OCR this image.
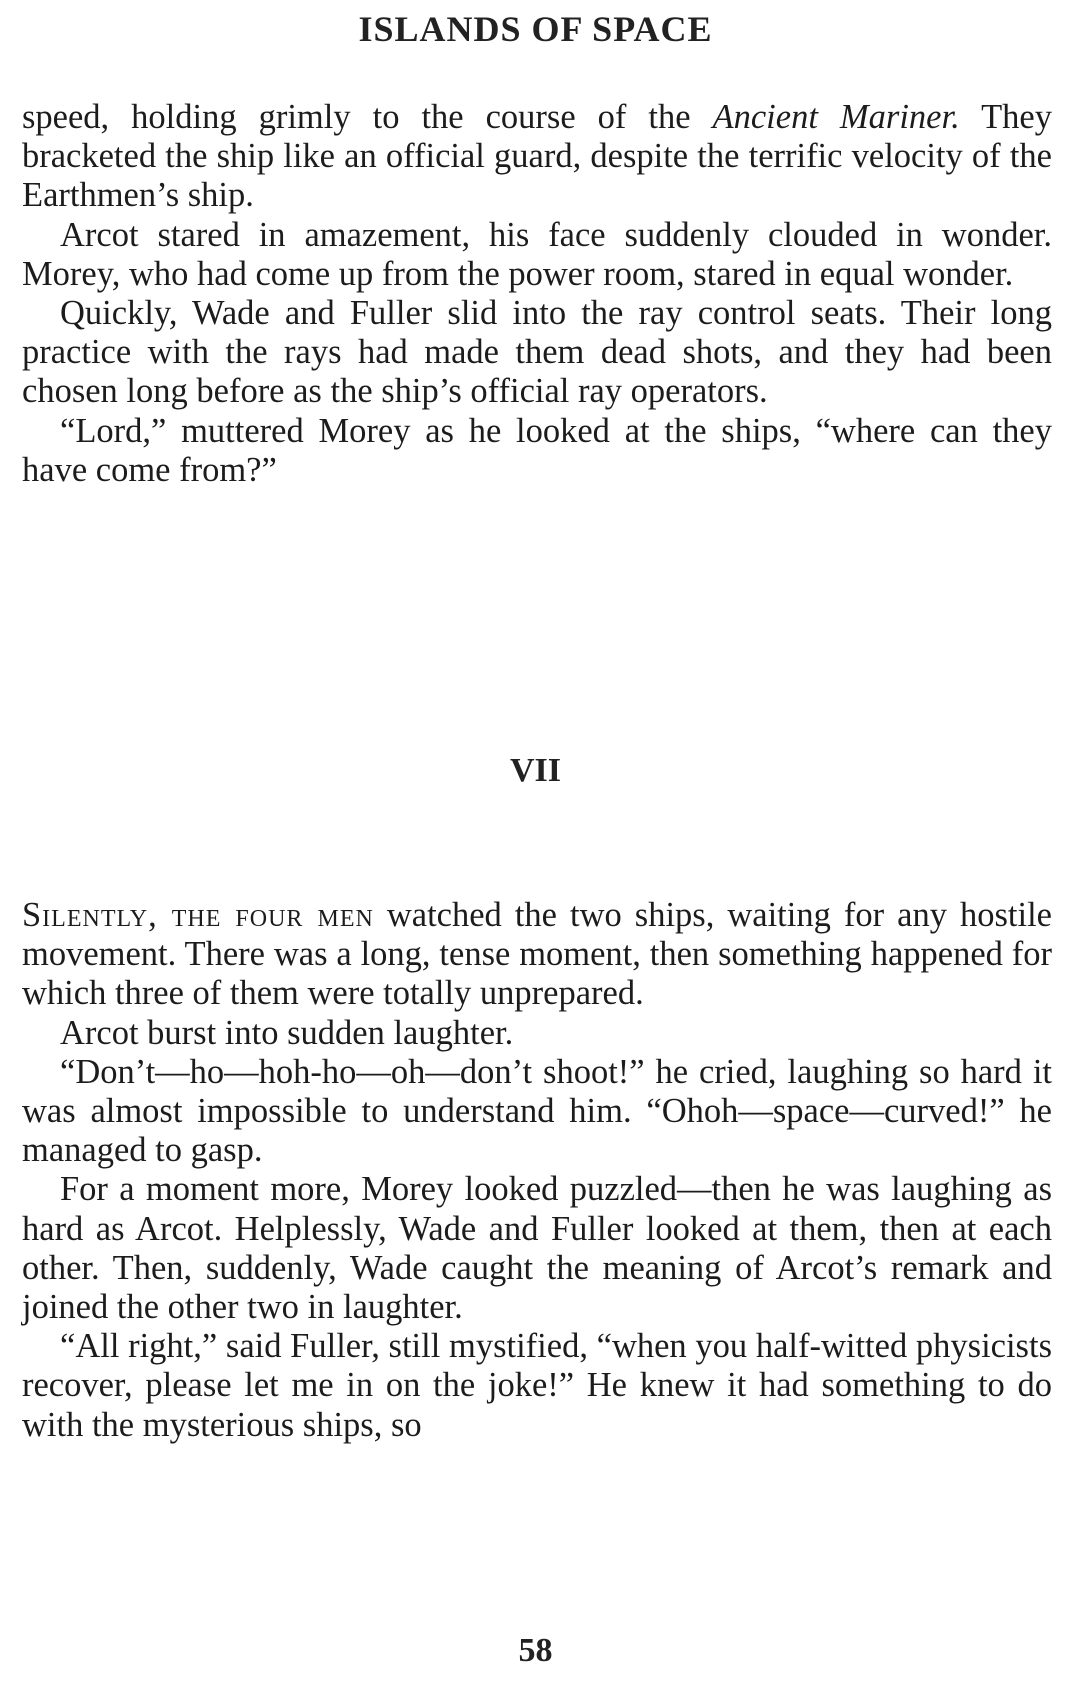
ISLANDS OF SPACE

speed, holding grimly to the course of the Ancient Mariner. They bracketed the ship like an official guard, despite the terrific velocity of the Earthmen’s ship.

Arcot stared in amazement, his face suddenly clouded in wonder. Morey, who had come up from the power room, stared in equal wonder.

Quickly, Wade and Fuller slid into the ray control seats. Their long practice with the rays had made them dead shots, and they had been chosen long before as the ship’s official ray operators.

“Lord,” muttered Morey as he looked at the ships, “where can they have come from?”

VII

Silently, the four men watched the two ships, waiting for any hostile movement. There was a long, tense moment, then something happened for which three of them were totally unprepared.

Arcot burst into sudden laughter.

“Don’t—ho—hoh-ho—oh—don’t shoot!” he cried, laughing so hard it was almost impossible to understand him. “Ohoh—space—curved!” he managed to gasp.

For a moment more, Morey looked puzzled—then he was laughing as hard as Arcot. Helplessly, Wade and Fuller looked at them, then at each other. Then, suddenly, Wade caught the meaning of Arcot’s remark and joined the other two in laughter.

“All right,” said Fuller, still mystified, “when you half-witted physicists recover, please let me in on the joke!” He knew it had something to do with the mysterious ships, so

58
